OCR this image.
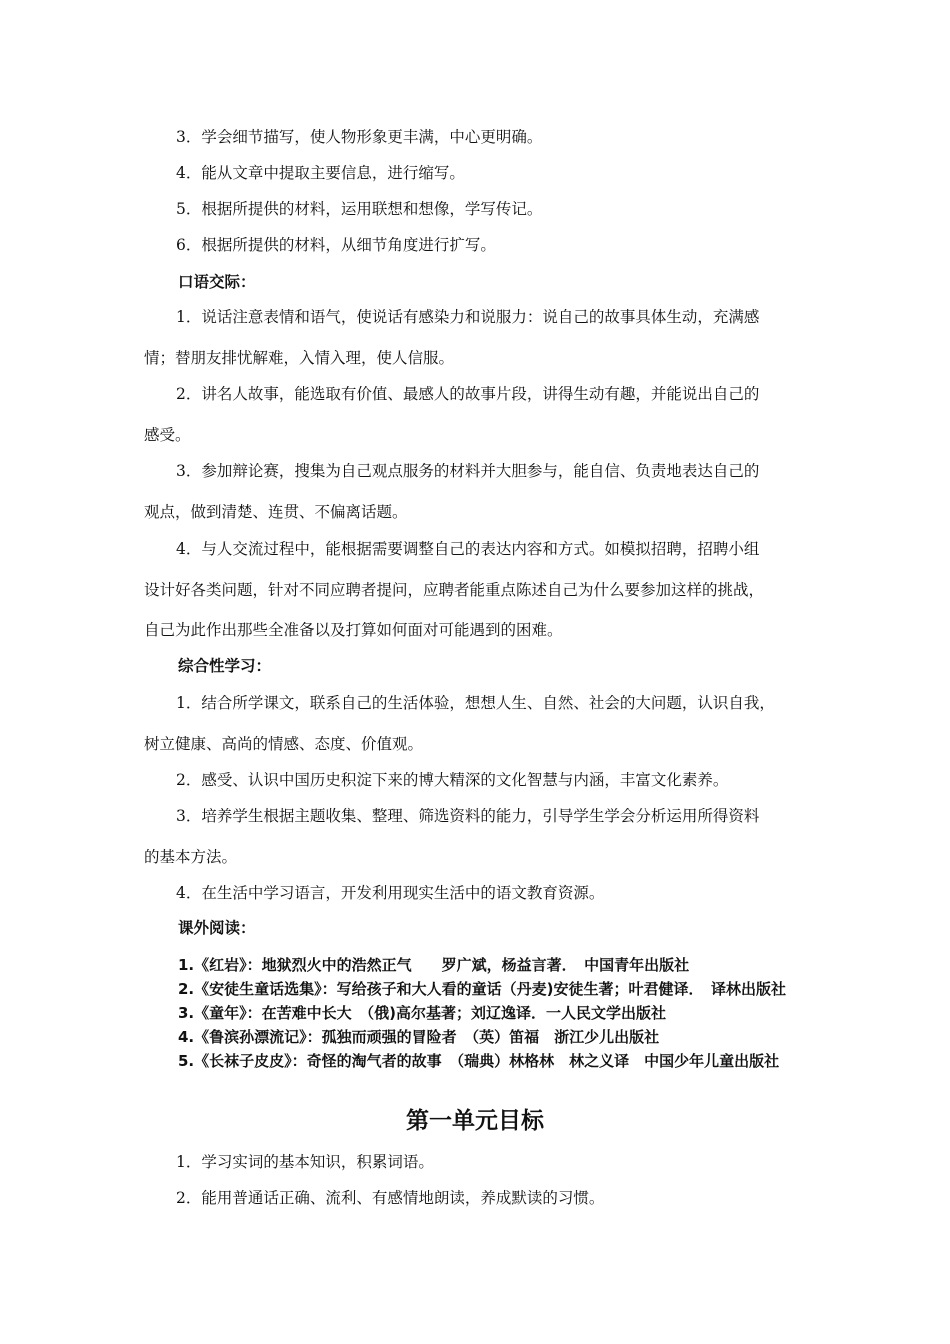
3．学会细节描写，使人物形象更丰满，中心更明确。
4．能从文章中提取主要信息，进行缩写。
5．根据所提供的材料，运用联想和想像，学写传记。
6．根据所提供的材料，从细节角度进行扩写。
口语交际：
1．说话注意表情和语气，使说话有感染力和说服力：说自己的故事具体生动，充满感
情；替朋友排忧解难，入情入理，使人信服。
2．讲名人故事，能选取有价值、最感人的故事片段，讲得生动有趣，并能说出自己的
感受。
3．参加辩论赛，搜集为自己观点服务的材料并大胆参与，能自信、负责地表达自己的
观点，做到清楚、连贯、不偏离话题。
4．与人交流过程中，能根据需要调整自己的表达内容和方式。如模拟招聘，招聘小组
设计好各类问题，针对不同应聘者提问，应聘者能重点陈述自己为什么要参加这样的挑战，
自己为此作出那些全准备以及打算如何面对可能遇到的困难。
综合性学习：
1．结合所学课文，联系自己的生活体验，想想人生、自然、社会的大问题，认识自我，
树立健康、高尚的情感、态度、价值观。
2．感受、认识中国历史积淀下来的博大精深的文化智慧与内涵，丰富文化素养。
3．培养学生根据主题收集、整理、筛选资料的能力，引导学生学会分析运用所得资料
的基本方法。
4．在生活中学习语言，开发利用现实生活中的语文教育资源。
课外阅读：
1.《红岩》：地狱烈火中的浩然正气　　罗广斌，杨益言著．　中国青年出版社
2.《安徒生童话选集》：写给孩子和大人看的童话（丹麦)安徒生著；叶君健译．　译林出版社
3.《童年》：在苦难中长大　（俄)高尔基著；刘辽逸译．一人民文学出版社
4.《鲁滨孙漂流记》：孤独而顽强的冒险者　（英）笛福　浙江少儿出版社
5.《长袜子皮皮》：奇怪的淘气者的故事　（瑞典）林格林　林之义译　中国少年儿童出版社
第一单元目标
1．学习实词的基本知识，积累词语。
2．能用普通话正确、流利、有感情地朗读，养成默读的习惯。
